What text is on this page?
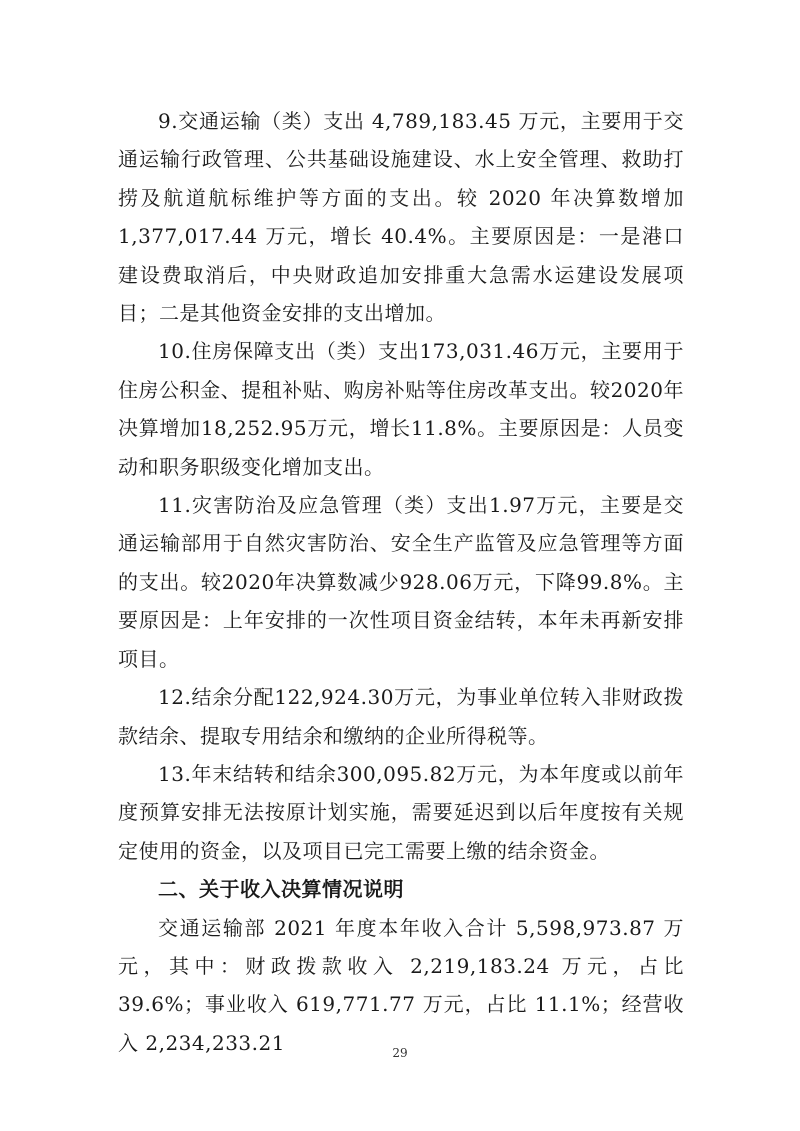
9.交通运输（类）支出 4,789,183.45 万元，主要用于交通运输行政管理、公共基础设施建设、水上安全管理、救助打捞及航道航标维护等方面的支出。较 2020 年决算数增加1,377,017.44 万元，增长 40.4%。主要原因是：一是港口建设费取消后，中央财政追加安排重大急需水运建设发展项目；二是其他资金安排的支出增加。

10.住房保障支出（类）支出173,031.46万元，主要用于住房公积金、提租补贴、购房补贴等住房改革支出。较2020年决算增加18,252.95万元，增长11.8%。主要原因是：人员变动和职务职级变化增加支出。

11.灾害防治及应急管理（类）支出1.97万元，主要是交通运输部用于自然灾害防治、安全生产监管及应急管理等方面的支出。较2020年决算数减少928.06万元，下降99.8%。主要原因是：上年安排的一次性项目资金结转，本年未再新安排项目。

12.结余分配122,924.30万元，为事业单位转入非财政拨款结余、提取专用结余和缴纳的企业所得税等。

13.年末结转和结余300,095.82万元，为本年度或以前年度预算安排无法按原计划实施，需要延迟到以后年度按有关规定使用的资金，以及项目已完工需要上缴的结余资金。

二、关于收入决算情况说明

交通运输部 2021 年度本年收入合计 5,598,973.87 万元，其中：财政拨款收入 2,219,183.24 万元，占比 39.6%；事业收入 619,771.77 万元，占比 11.1%；经营收入 2,234,233.21	29
